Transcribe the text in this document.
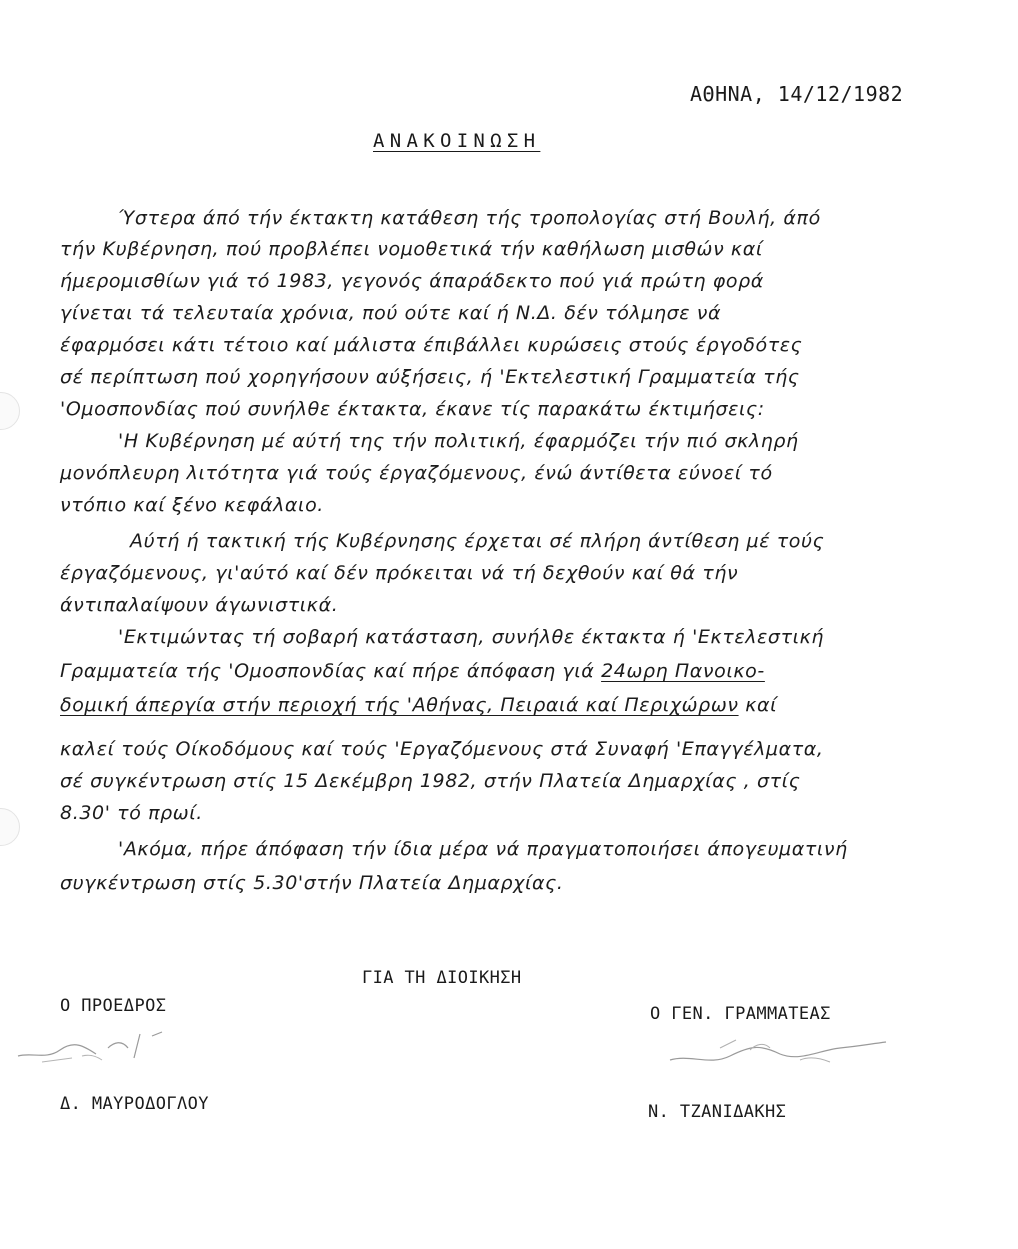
ΑΘΗΝΑ, 14/12/1982

ΑΝΑΚΟΙΝΩΣΗ

Ύστερα άπό τήν έκτακτη κατάθεση τής τροπολογίας στή Βουλή, άπό

τήν Κυβέρνηση, πού προβλέπει νομοθετικά τήν καθήλωση μισθών καί

ήμερομισθίων γιά τό 1983, γεγονός άπαράδεκτο πού γιά πρώτη φορά

γίνεται τά τελευταία χρόνια, πού ούτε καί ή Ν.Δ. δέν τόλμησε νά

έφαρμόσει κάτι τέτοιο καί μάλιστα έπιβάλλει κυρώσεις στούς έργοδότες

σέ περίπτωση πού χορηγήσουν αύξήσεις, ή 'Εκτελεστική Γραμματεία τής

'Ομοσπονδίας πού συνήλθε έκτακτα, έκανε τίς παρακάτω έκτιμήσεις:

'Η Κυβέρνηση μέ αύτή της τήν πολιτική, έφαρμόζει τήν πιό σκληρή

μονόπλευρη λιτότητα γιά τούς έργαζόμενους, ένώ άντίθετα εύνοεί τό

ντόπιο καί ξένο κεφάλαιο.

Αύτή ή τακτική τής Κυβέρνησης έρχεται σέ πλήρη άντίθεση μέ τούς

έργαζόμενους, γι'αύτό καί δέν πρόκειται νά τή δεχθούν καί θά τήν

άντιπαλαίψουν άγωνιστικά.

'Εκτιμώντας τή σοβαρή κατάσταση, συνήλθε έκτακτα ή 'Εκτελεστική

Γραμματεία τής 'Ομοσπονδίας καί πήρε άπόφαση γιά 24ωρη Πανοικο-

δομική άπεργία στήν περιοχή τής 'Αθήνας, Πειραιά καί Περιχώρων καί

καλεί τούς Οίκοδόμους καί τούς 'Εργαζόμενους στά Συναφή 'Επαγγέλματα,

σέ συγκέντρωση στίς 15 Δεκέμβρη 1982, στήν Πλατεία Δημαρχίας , στίς

8.30' τό πρωί.

'Ακόμα, πήρε άπόφαση τήν ίδια μέρα νά πραγματοποιήσει άπογευματινή

συγκέντρωση στίς 5.30'στήν Πλατεία Δημαρχίας.

ΓΙΑ ΤΗ ΔΙΟΙΚΗΣΗ

Ο ΠΡΟΕΔΡΟΣ	Ο ΓΕΝ. ΓΡΑΜΜΑΤΕΑΣ

Δ. ΜΑΥΡΟΔΟΓΛΟΥ	Ν. ΤΖΑΝΙΔΑΚΗΣ
